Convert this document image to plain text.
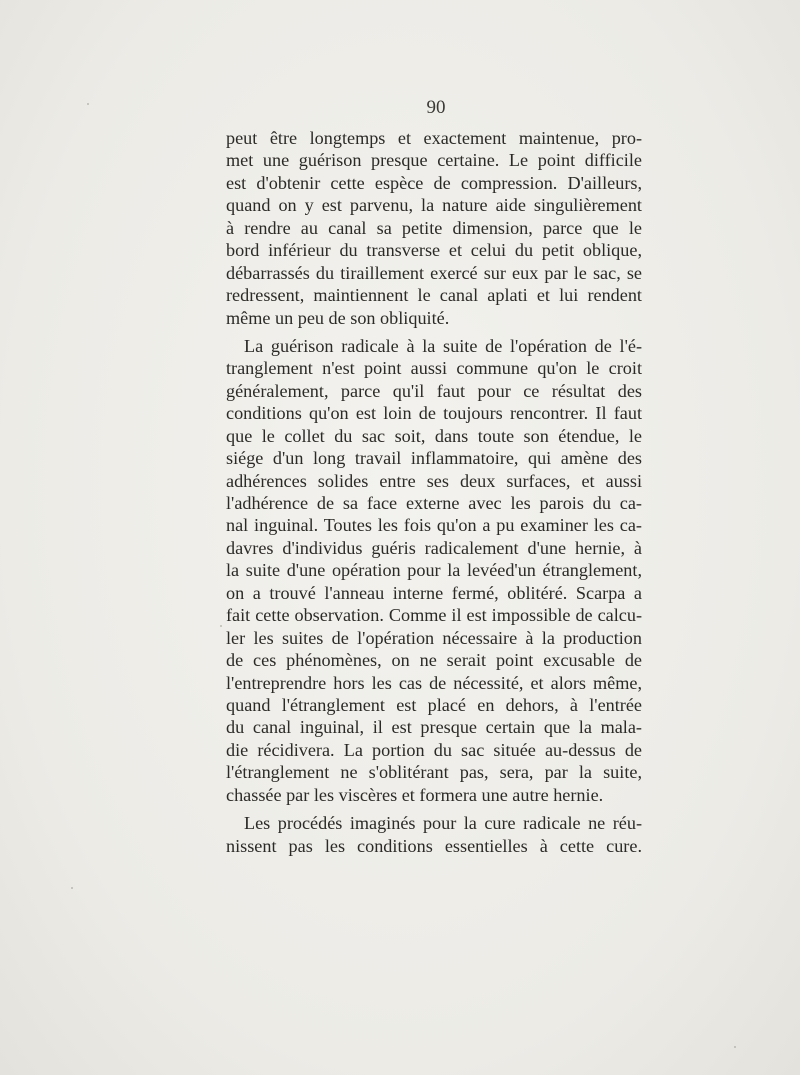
90

peut être longtemps et exactement maintenue, pro-
met une guérison presque certaine. Le point difficile
est d'obtenir cette espèce de compression. D'ailleurs,
quand on y est parvenu, la nature aide singulièrement
à rendre au canal sa petite dimension, parce que le
bord inférieur du transverse et celui du petit oblique,
débarrassés du tiraillement exercé sur eux par le sac, se
redressent, maintiennent le canal aplati et lui rendent
même un peu de son obliquité.

La guérison radicale à la suite de l'opération de l'é-
tranglement n'est point aussi commune qu'on le croit
généralement, parce qu'il faut pour ce résultat des
conditions qu'on est loin de toujours rencontrer. Il faut
que le collet du sac soit, dans toute son étendue, le
siége d'un long travail inflammatoire, qui amène des
adhérences solides entre ses deux surfaces, et aussi
l'adhérence de sa face externe avec les parois du ca-
nal inguinal. Toutes les fois qu'on a pu examiner les ca-
davres d'individus guéris radicalement d'une hernie, à
la suite d'une opération pour la levéed'un étranglement,
on a trouvé l'anneau interne fermé, oblitéré. Scarpa a
fait cette observation. Comme il est impossible de calcu-
ler les suites de l'opération nécessaire à la production
de ces phénomènes, on ne serait point excusable de
l'entreprendre hors les cas de nécessité, et alors même,
quand l'étranglement est placé en dehors, à l'entrée
du canal inguinal, il est presque certain que la mala-
die récidivera. La portion du sac située au-dessus de
l'étranglement ne s'oblitérant pas, sera, par la suite,
chassée par les viscères et formera une autre hernie.

Les procédés imaginés pour la cure radicale ne réu-
nissent pas les conditions essentielles à cette cure.
